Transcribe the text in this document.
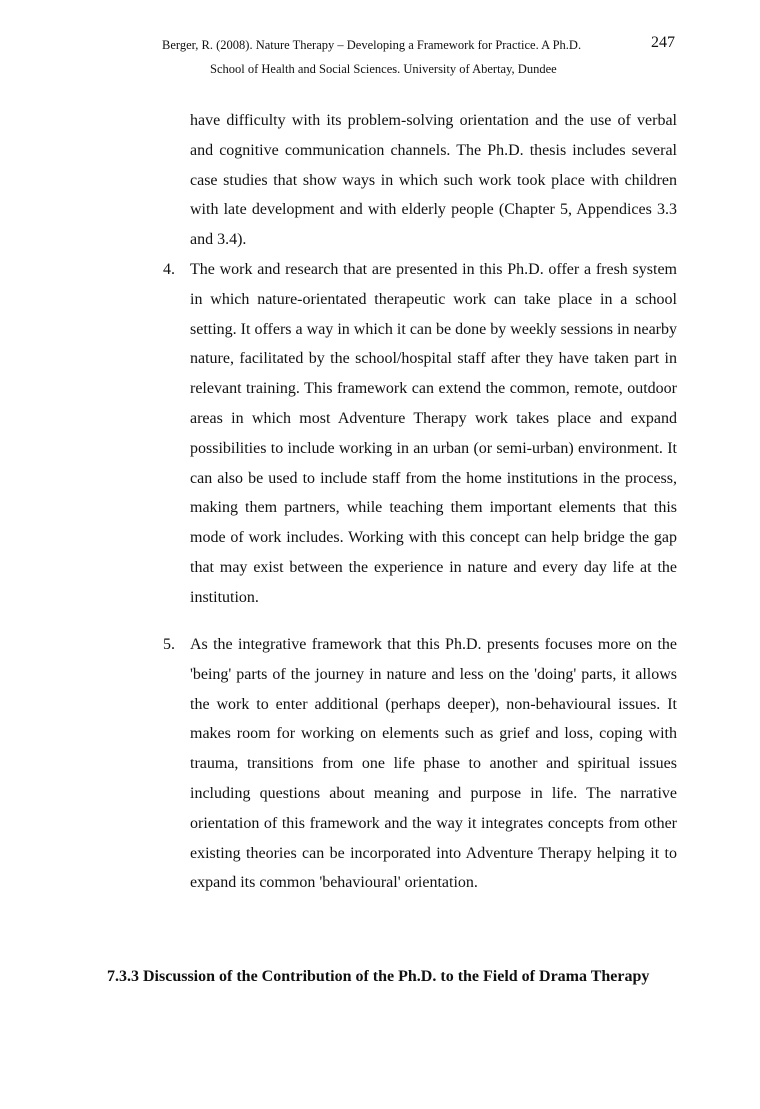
Berger, R. (2008). Nature Therapy – Developing a Framework for Practice. A Ph.D.	247
School of Health and Social Sciences. University of Abertay, Dundee

have difficulty with its problem-solving orientation and the use of verbal and cognitive communication channels. The Ph.D. thesis includes several case studies that show ways in which such work took place with children with late development and with elderly people (Chapter 5, Appendices 3.3 and 3.4).

4. The work and research that are presented in this Ph.D. offer a fresh system in which nature-orientated therapeutic work can take place in a school setting. It offers a way in which it can be done by weekly sessions in nearby nature, facilitated by the school/hospital staff after they have taken part in relevant training. This framework can extend the common, remote, outdoor areas in which most Adventure Therapy work takes place and expand possibilities to include working in an urban (or semi-urban) environment. It can also be used to include staff from the home institutions in the process, making them partners, while teaching them important elements that this mode of work includes. Working with this concept can help bridge the gap that may exist between the experience in nature and every day life at the institution.

5. As the integrative framework that this Ph.D. presents focuses more on the 'being' parts of the journey in nature and less on the 'doing' parts, it allows the work to enter additional (perhaps deeper), non-behavioural issues. It makes room for working on elements such as grief and loss, coping with trauma, transitions from one life phase to another and spiritual issues including questions about meaning and purpose in life. The narrative orientation of this framework and the way it integrates concepts from other existing theories can be incorporated into Adventure Therapy helping it to expand its common 'behavioural' orientation.

7.3.3 Discussion of the Contribution of the Ph.D. to the Field of Drama Therapy
